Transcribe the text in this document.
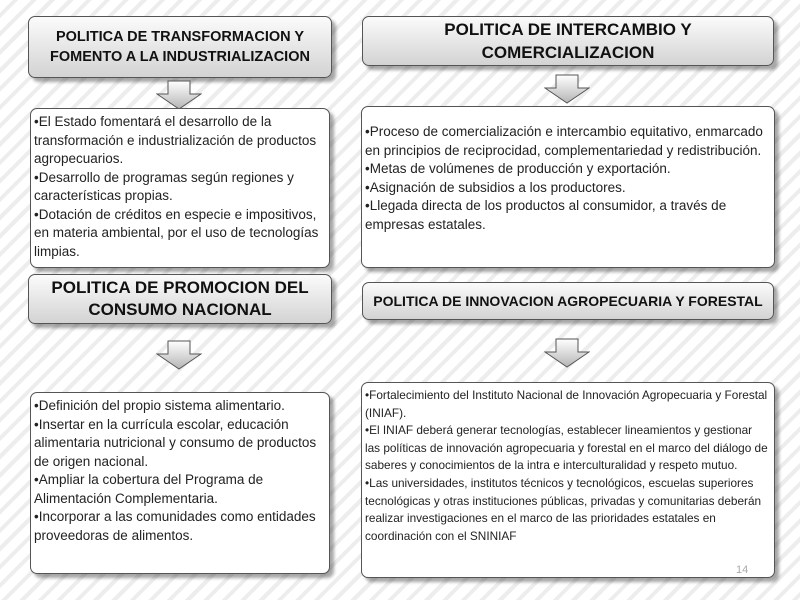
POLITICA DE TRANSFORMACION Y FOMENTO A LA INDUSTRIALIZACION
• El Estado fomentará el desarrollo de la transformación e industrialización de productos agropecuarios.
• Desarrollo de programas según regiones y características propias.
• Dotación de créditos en especie e impositivos, en materia ambiental, por el uso de tecnologías limpias.
POLITICA DE INTERCAMBIO Y COMERCIALIZACION
• Proceso de comercialización e intercambio equitativo, enmarcado en principios de reciprocidad, complementariedad y redistribución.
• Metas de volúmenes de producción y exportación.
• Asignación de subsidios a los productores.
• Llegada directa de los productos al consumidor, a través de empresas estatales.
POLITICA DE PROMOCION DEL CONSUMO NACIONAL
• Definición del propio sistema alimentario.
• Insertar en la currícula escolar, educación alimentaria nutricional y consumo de productos de origen nacional.
• Ampliar la cobertura del Programa de Alimentación Complementaria.
• Incorporar a las comunidades como entidades proveedoras de alimentos.
POLITICA DE INNOVACION AGROPECUARIA Y FORESTAL
• Fortalecimiento del Instituto Nacional de Innovación Agropecuaria y Forestal (INIAF).
• El INIAF deberá generar tecnologías, establecer lineamientos y gestionar las políticas de innovación agropecuaria y forestal en el marco del diálogo de saberes y conocimientos de la intra e interculturalidad y respeto mutuo.
• Las universidades, institutos técnicos y tecnológicos, escuelas superiores tecnológicas y otras instituciones públicas, privadas y comunitarias deberán realizar investigaciones en el marco de las prioridades estatales en coordinación con el SNINIAF
14
